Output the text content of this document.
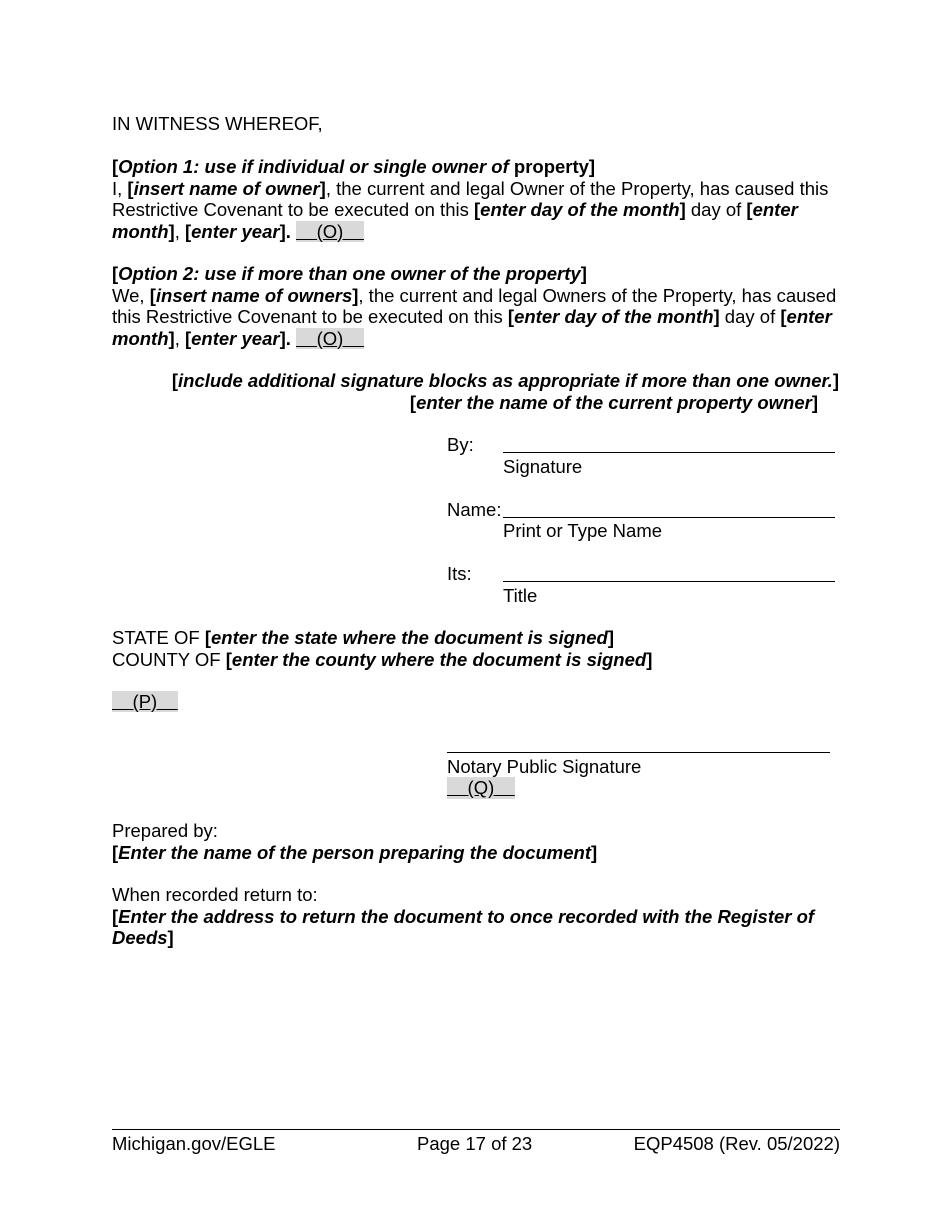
IN WITNESS WHEREOF,

[Option 1: use if individual or single owner of property]

I, [insert name of owner], the current and legal Owner of the Property, has caused this Restrictive Covenant to be executed on this [enter day of the month] day of [enter month], [enter year].     (O)

[Option 2: use if more than one owner of the property]

We, [insert name of owners], the current and legal Owners of the Property, has caused this Restrictive Covenant to be executed on this [enter day of the month] day of [enter month], [enter year].     (O)

[include additional signature blocks as appropriate if more than one owner.]

[enter the name of the current property owner]

By:
Signature
Name:
Print or Type Name
Its:
Title

STATE OF [enter the state where the document is signed]

COUNTY OF [enter the county where the document is signed]

(P)
Notary Public Signature
(Q)

Prepared by:

[Enter the name of the person preparing the document]

When recorded return to:

[Enter the address to return the document to once recorded with the Register of Deeds]

Michigan.gov/EGLE	Page 17 of 23	EQP4508 (Rev. 05/2022)
